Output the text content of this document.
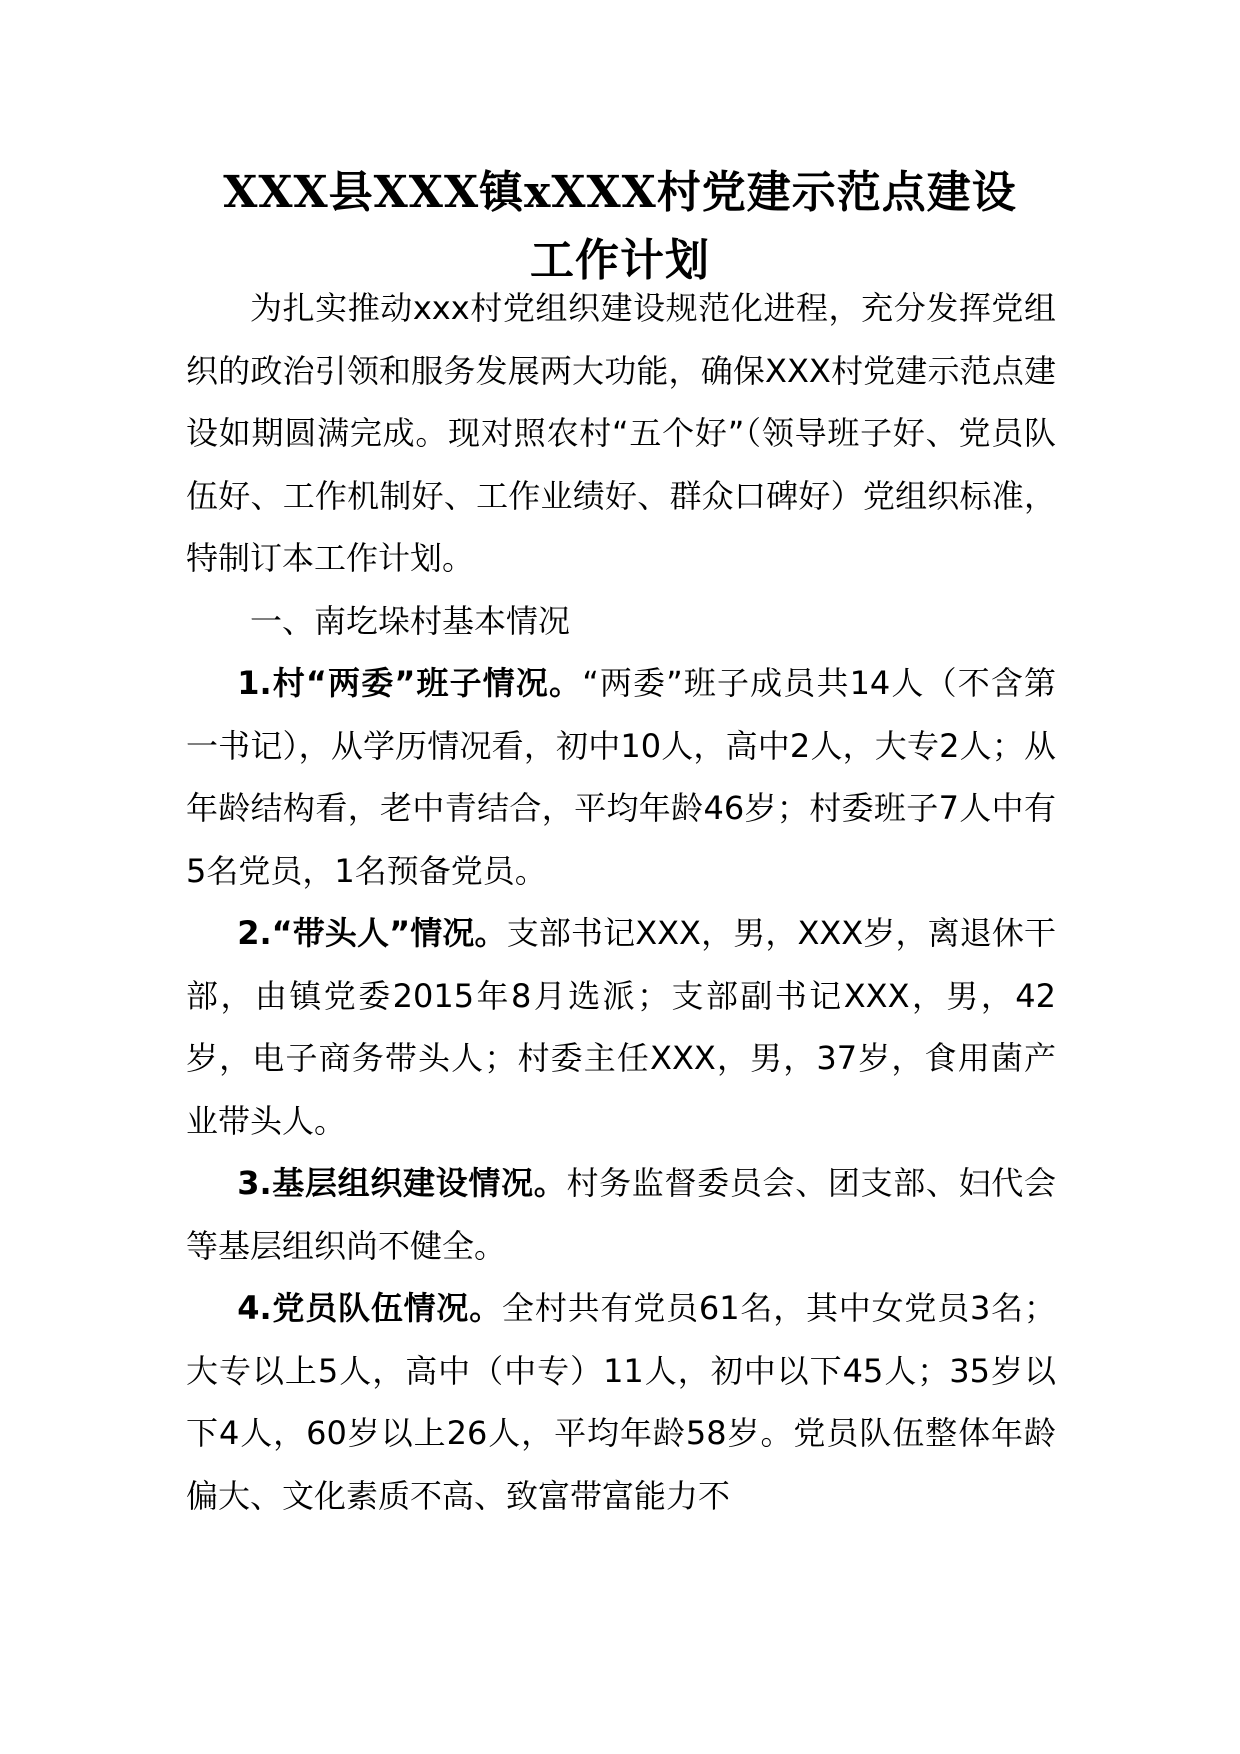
XXX县XXX镇xXXX村党建示范点建设
工作计划

为扎实推动xxx村党组织建设规范化进程，充分发挥党组织的政治引领和服务发展两大功能，确保XXX村党建示范点建设如期圆满完成。现对照农村“五个好”（领导班子好、党员队伍好、工作机制好、工作业绩好、群众口碑好）党组织标准，特制订本工作计划。

一、南圪垛村基本情况

1.村“两委”班子情况。“两委”班子成员共14人（不含第一书记），从学历情况看，初中10人，高中2人，大专2人；从年龄结构看，老中青结合，平均年龄46岁；村委班子7人中有5名党员，1名预备党员。

2.“带头人”情况。支部书记XXX，男，XXX岁，离退休干部，由镇党委2015年8月选派；支部副书记XXX，男，42岁，电子商务带头人；村委主任XXX，男，37岁，食用菌产业带头人。

3.基层组织建设情况。村务监督委员会、团支部、妇代会等基层组织尚不健全。

4.党员队伍情况。全村共有党员61名，其中女党员3名；大专以上5人，高中（中专）11人，初中以下45人；35岁以下4人，60岁以上26人，平均年龄58岁。党员队伍整体年龄偏大、文化素质不高、致富带富能力不
